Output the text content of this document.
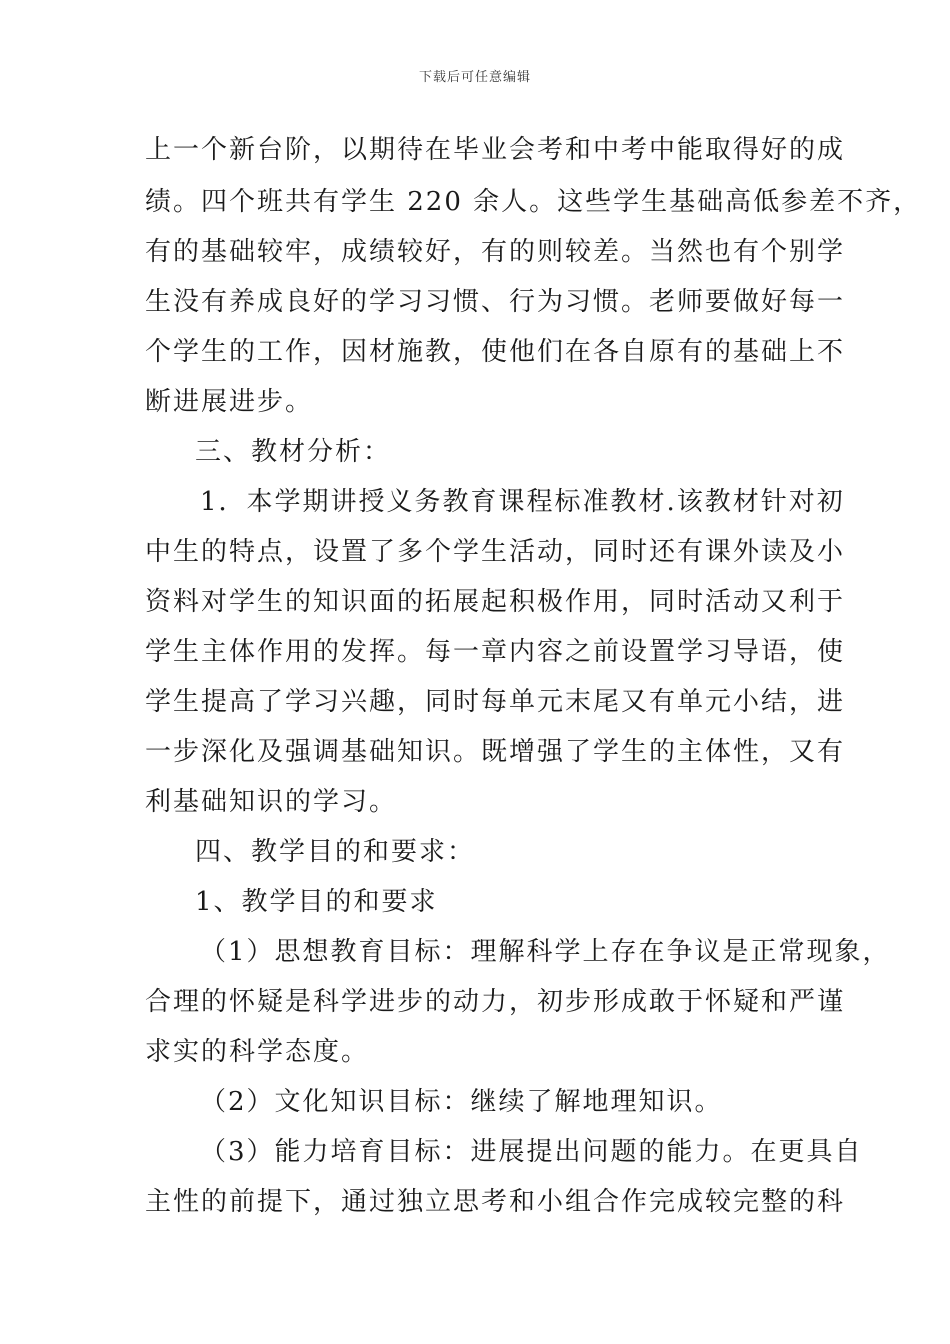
下载后可任意编辑
上一个新台阶，以期待在毕业会考和中考中能取得好的成
绩。四个班共有学生 220 余人。这些学生基础高低参差不齐，
有的基础较牢，成绩较好，有的则较差。当然也有个别学
生没有养成良好的学习习惯、行为习惯。老师要做好每一
个学生的工作，因材施教，使他们在各自原有的基础上不
断进展进步。
三、教材分析：
1．本学期讲授义务教育课程标准教材.该教材针对初
中生的特点，设置了多个学生活动，同时还有课外读及小
资料对学生的知识面的拓展起积极作用，同时活动又利于
学生主体作用的发挥。每一章内容之前设置学习导语，使
学生提高了学习兴趣，同时每单元末尾又有单元小结，进
一步深化及强调基础知识。既增强了学生的主体性，又有
利基础知识的学习。
四、教学目的和要求：
1、教学目的和要求
（1）思想教育目标：理解科学上存在争议是正常现象，
合理的怀疑是科学进步的动力，初步形成敢于怀疑和严谨
求实的科学态度。
（2）文化知识目标：继续了解地理知识。
（3）能力培育目标：进展提出问题的能力。在更具自
主性的前提下，通过独立思考和小组合作完成较完整的科
